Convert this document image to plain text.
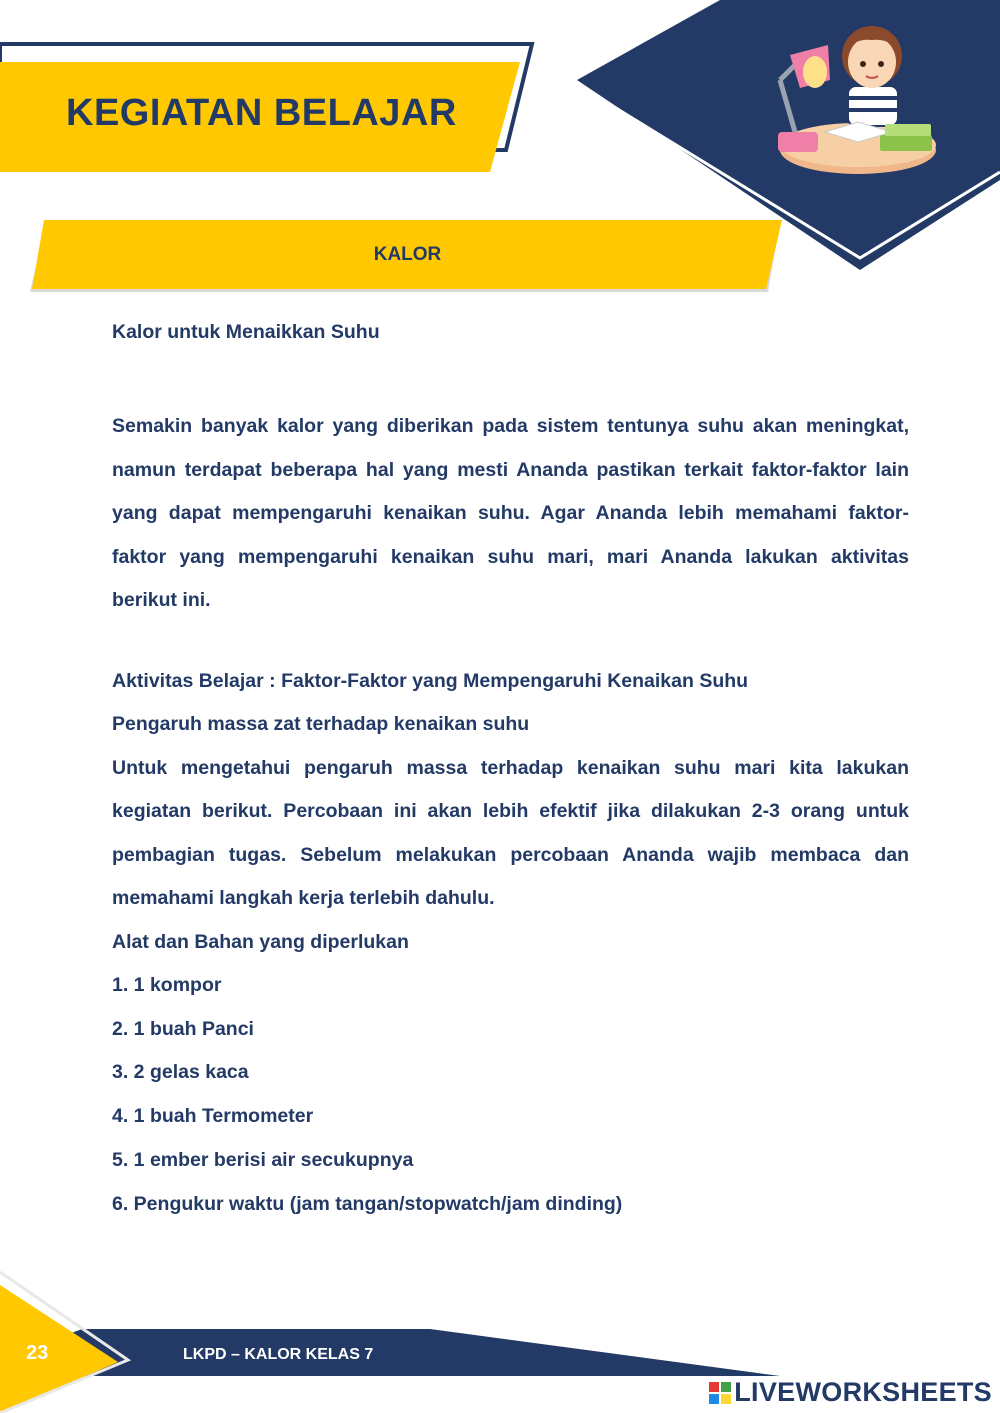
KEGIATAN BELAJAR
KALOR

Kalor untuk Menaikkan Suhu

Semakin banyak kalor yang diberikan pada sistem tentunya suhu akan meningkat, namun terdapat beberapa hal yang mesti Ananda pastikan terkait faktor-faktor lain yang dapat mempengaruhi kenaikan suhu. Agar Ananda lebih memahami faktor-faktor yang mempengaruhi kenaikan suhu mari, mari Ananda lakukan aktivitas berikut ini.

Aktivitas Belajar : Faktor-Faktor yang Mempengaruhi Kenaikan Suhu

Pengaruh massa zat terhadap kenaikan suhu

Untuk mengetahui pengaruh massa terhadap kenaikan suhu mari kita lakukan kegiatan berikut. Percobaan ini akan lebih efektif jika dilakukan 2-3 orang untuk pembagian tugas. Sebelum melakukan percobaan Ananda wajib membaca dan memahami langkah kerja terlebih dahulu.

Alat dan Bahan yang diperlukan

1. 1 kompor
2. 1 buah Panci
3. 2 gelas kaca
4. 1 buah Termometer
5. 1 ember berisi air secukupnya
6. Pengukur waktu (jam tangan/stopwatch/jam dinding)
23	LKPD – KALOR KELAS 7
LIVEWORKSHEETS
